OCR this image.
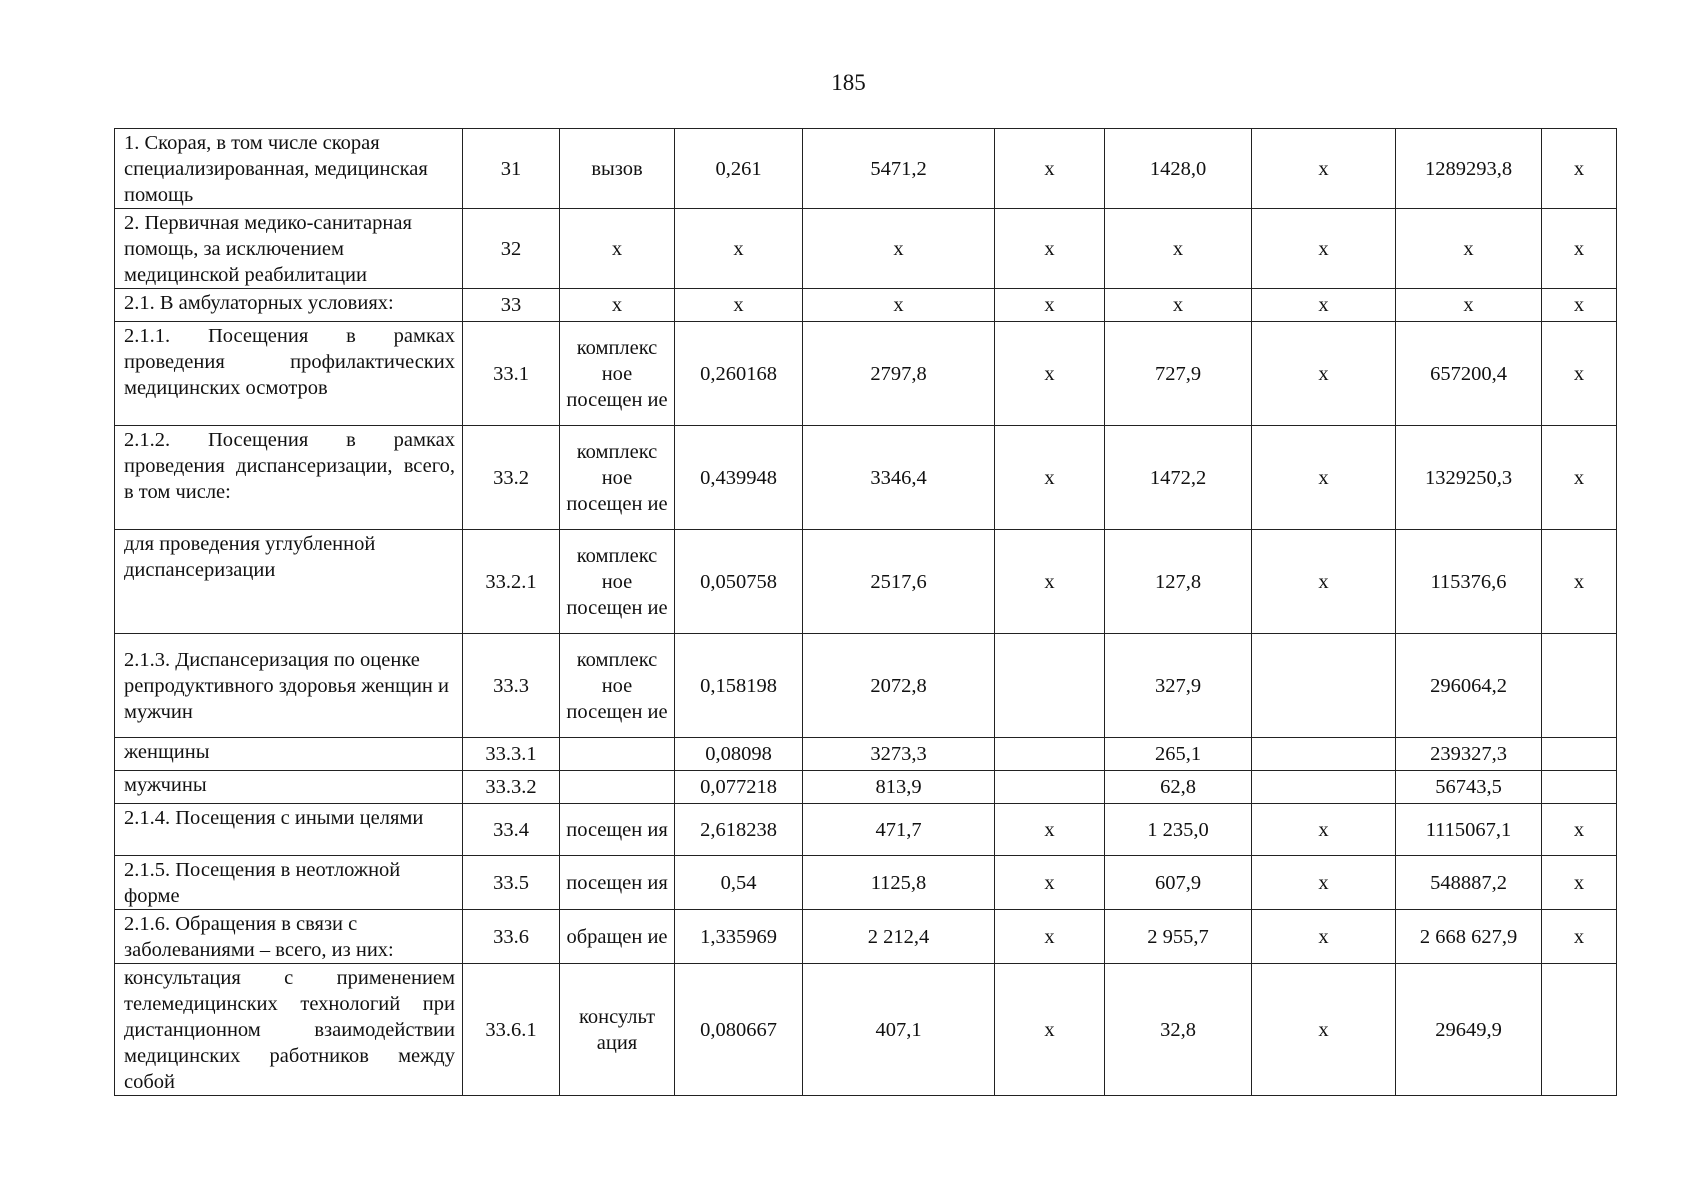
185
1. Скорая, в том числе скорая специализированная, медицинская помощь	31	вызов	0,261	5471,2	х	1428,0	х	1289293,8	х
2. Первичная медико-санитарная помощь, за исключением медицинской реабилитации	32	х	х	х	х	х	х	х	х
2.1. В амбулаторных условиях:	33	х	х	х	х	х	х	х	х
2.1.1. Посещения в рамках проведения профилактических медицинских осмотров	33.1	комплекс ное посещен ие	0,260168	2797,8	х	727,9	х	657200,4	х
2.1.2. Посещения в рамках проведения диспансеризации, всего, в том числе:	33.2	комплекс ное посещен ие	0,439948	3346,4	х	1472,2	х	1329250,3	х
для проведения углубленной диспансеризации	33.2.1	комплекс ное посещен ие	0,050758	2517,6	х	127,8	х	115376,6	х
2.1.3. Диспансеризация по оценке репродуктивного здоровья женщин и мужчин	33.3	комплекс ное посещен ие	0,158198	2072,8		327,9		296064,2	
женщины	33.3.1		0,08098	3273,3		265,1		239327,3	
мужчины	33.3.2		0,077218	813,9		62,8		56743,5	
2.1.4. Посещения с иными целями	33.4	посещен ия	2,618238	471,7	х	1 235,0	х	1115067,1	х
2.1.5. Посещения в неотложной форме	33.5	посещен ия	0,54	1125,8	х	607,9	х	548887,2	х
2.1.6. Обращения в связи с заболеваниями – всего, из них:	33.6	обращен ие	1,335969	2 212,4	х	2 955,7	х	2 668 627,9	х
консультация с применением телемедицинских технологий при дистанционном взаимодействии медицинских работников между собой	33.6.1	консульт ация	0,080667	407,1	х	32,8	х	29649,9	
